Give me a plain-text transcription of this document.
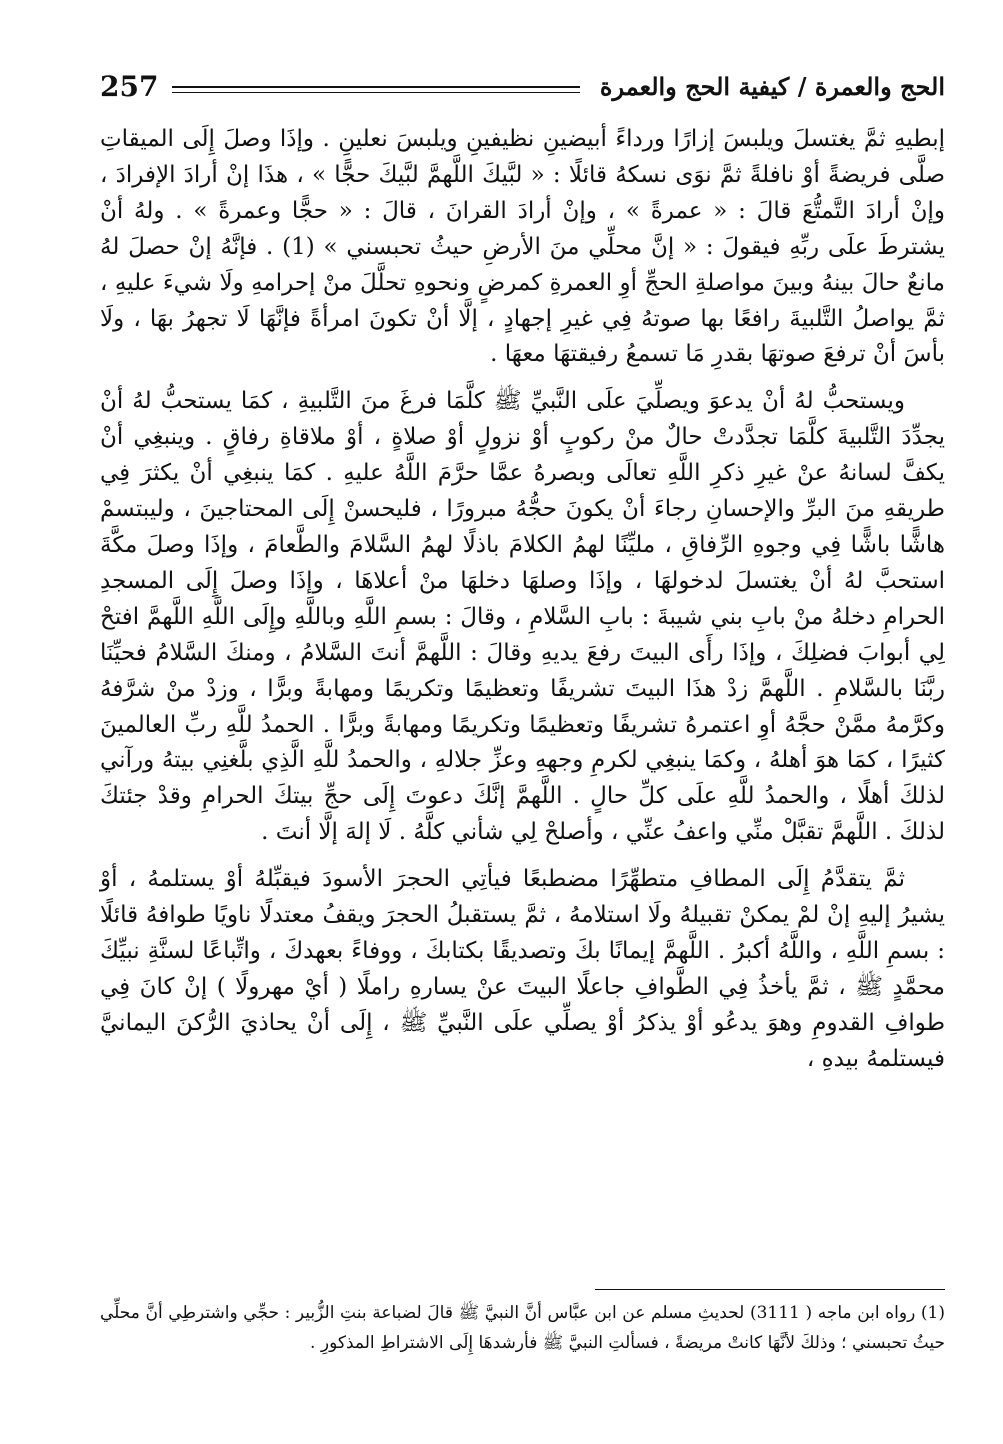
257	الحج والعمرة / كيفية الحج والعمرة

إبطيهِ ثمَّ يغتسلَ ويلبسَ إزارًا ورداءً أبيضينِ نظيفينِ ويلبسَ نعلينِ . وإذَا وصلَ إِلَى الميقاتِ صلَّى فريضةً أوْ نافلةً ثمَّ نوَى نسكهُ قائلًا : « لبَّيكَ اللَّهمَّ لبَّيكَ حجًّا » ، هذَا إنْ أرادَ الإفرادَ ، وإنْ أرادَ التَّمتُّعَ قالَ : « عمرةً » ، وإنْ أرادَ القرانَ ، قالَ : « حجًّا وعمرةً » . ولهُ أنْ يشترطَ علَى ربِّهِ فيقولَ : « إنَّ محلِّي منَ الأرضِ حيثُ تحبسني » (1) . فإنَّهُ إنْ حصلَ لهُ مانعٌ حالَ بينهُ وبينَ مواصلةِ الحجِّ أوِ العمرةِ كمرضٍ ونحوهِ تحلَّلَ منْ إحرامهِ ولَا شيءَ عليهِ ، ثمَّ يواصلُ التَّلبيةَ رافعًا بها صوتهُ فِي غيرِ إجهادٍ ، إلَّا أنْ تكونَ امرأةً فإنَّهَا لَا تجهرُ بهَا ، ولَا بأسَ أنْ ترفعَ صوتهَا بقدرِ مَا تسمعُ رفيقتهَا معهَا .

ويستحبُّ لهُ أنْ يدعوَ ويصلِّيَ علَى النَّبيِّ ﷺ كلَّمَا فرغَ منَ التَّلبيةِ ، كمَا يستحبُّ لهُ أنْ يجدِّدَ التَّلبيةَ كلَّمَا تجدَّدتْ حالٌ منْ ركوبٍ أوْ نزولٍ أوْ صلاةٍ ، أوْ ملاقاةِ رفاقٍ . وينبغِي أنْ يكفَّ لسانهُ عنْ غيرِ ذكرِ اللَّهِ تعالَى وبصرهُ عمَّا حرَّمَ اللَّهُ عليهِ . كمَا ينبغِي أنْ يكثرَ فِي طريقهِ منَ البرِّ والإحسانِ رجاءَ أنْ يكونَ حجُّهُ مبرورًا ، فليحسنْ إِلَى المحتاجينَ ، وليبتسمْ هاشًّا باشًّا فِي وجوهِ الرِّفاقِ ، مليِّنًا لهمُ الكلامَ باذلًا لهمُ السَّلامَ والطَّعامَ ، وإذَا وصلَ مكَّةَ استحبَّ لهُ أنْ يغتسلَ لدخولهَا ، وإذَا وصلهَا دخلهَا منْ أعلاهَا ، وإذَا وصلَ إِلَى المسجدِ الحرامِ دخلهُ منْ بابِ بني شيبةَ : بابِ السَّلامِ ، وقالَ : بسمِ اللَّهِ وباللَّهِ وإِلَى اللَّهِ اللَّهمَّ افتحْ لِي أبوابَ فضلِكَ ، وإذَا رأَى البيتَ رفعَ يديهِ وقالَ : اللَّهمَّ أنتَ السَّلامُ ، ومنكَ السَّلامُ فحيِّنَا ربَّنَا بالسَّلامِ . اللَّهمَّ زدْ هذَا البيتَ تشريفًا وتعظيمًا وتكريمًا ومهابةً وبرًّا ، وزدْ منْ شرَّفهُ وكرَّمهُ ممَّنْ حجَّهُ أوِ اعتمرهُ تشريفًا وتعظيمًا وتكريمًا ومهابةً وبرًّا . الحمدُ للَّهِ ربِّ العالمينَ كثيرًا ، كمَا هوَ أهلهُ ، وكمَا ينبغِي لكرمِ وجههِ وعزِّ جلالهِ ، والحمدُ للَّهِ الَّذِي بلَّغنِي بيتهُ ورآني لذلكَ أهلًا ، والحمدُ للَّهِ علَى كلِّ حالٍ . اللَّهمَّ إنَّكَ دعوتَ إِلَى حجِّ بيتكَ الحرامِ وقدْ جئتكَ لذلكَ . اللَّهمَّ تقبَّلْ منِّي واعفُ عنِّي ، وأصلحْ لِي شأني كلَّهُ . لَا إلهَ إلَّا أنتَ .

ثمَّ يتقدَّمُ إِلَى المطافِ متطهِّرًا مضطبعًا فيأتِي الحجرَ الأسودَ فيقبِّلهُ أوْ يستلمهُ ، أوْ يشيرُ إليهِ إنْ لمْ يمكنْ تقبيلهُ ولَا استلامهُ ، ثمَّ يستقبلُ الحجرَ ويقفُ معتدلًا ناويًا طوافهُ قائلًا : بسمِ اللَّهِ ، واللَّهُ أكبرُ . اللَّهمَّ إيمانًا بكَ وتصديقًا بكتابكَ ، ووفاءً بعهدكَ ، واتِّباعًا لسنَّةِ نبيِّكَ محمَّدٍ ﷺ ، ثمَّ يأخذُ فِي الطَّوافِ جاعلًا البيتَ عنْ يسارهِ راملًا ( أيْ مهرولًا ) إنْ كانَ فِي طوافِ القدومِ وهوَ يدعُو أوْ يذكرُ أوْ يصلِّي علَى النَّبيِّ ﷺ ، إِلَى أنْ يحاذيَ الرُّكنَ اليمانيَّ فيستلمهُ بيدهِ ،

(1) رواه ابن ماجه ( 3111) لحديثِ مسلم عن ابن عبَّاس أنَّ النبيَّ ﷺ قالَ لضباعة بنتِ الزُّبير : حجِّي واشترطِي أنَّ محلِّي حيثُ تحبسني ؛ وذلكَ لأنَّهَا كانتْ مريضةً ، فسألتِ النبيَّ ﷺ فأرشدهَا إِلَى الاشتراطِ المذكورِ .
